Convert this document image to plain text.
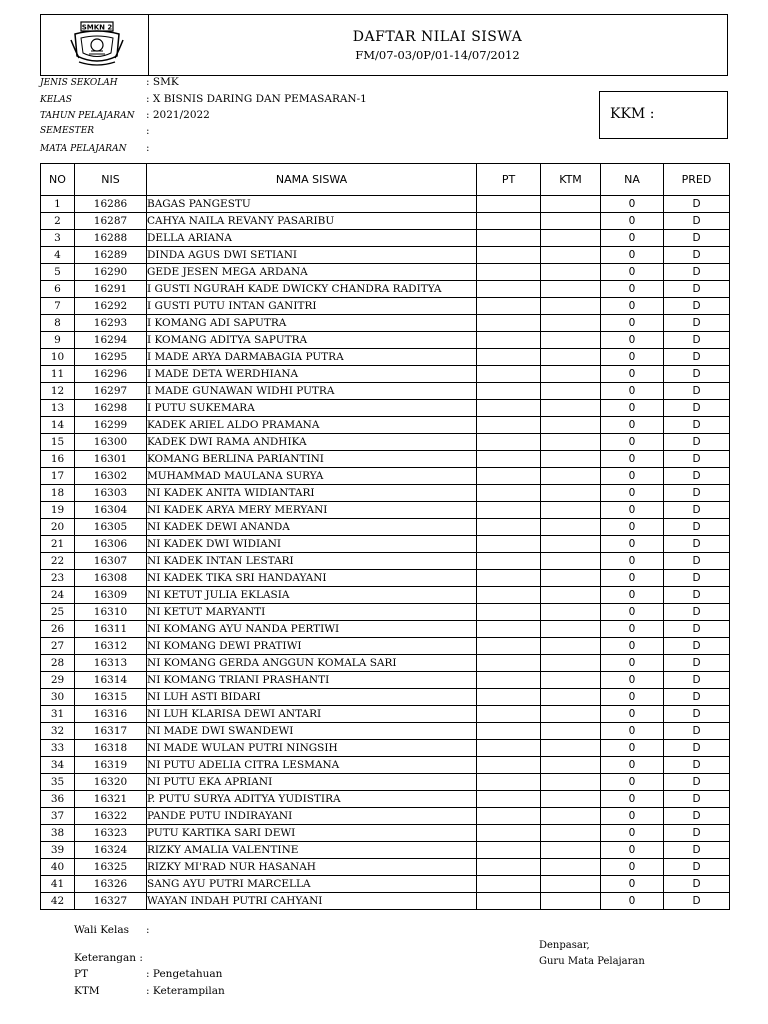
SMKN 2
DAFTAR NILAI SISWA
FM/07-03/0P/01-14/07/2012
JENIS SEKOLAH	: SMK
KELAS	: X BISNIS DARING DAN PEMASARAN-1
TAHUN PELAJARAN : 2021/2022
SEMESTER	:
MATA PELAJARAN :
KKM :
NO	NIS	NAMA SISWA	PT	KTM	NA	PRED
1	16286	BAGAS PANGESTU			0	D
2	16287	CAHYA NAILA REVANY PASARIBU			0	D
3	16288	DELLA ARIANA			0	D
4	16289	DINDA AGUS DWI SETIANI			0	D
5	16290	GEDE JESEN MEGA ARDANA			0	D
6	16291	I GUSTI NGURAH KADE DWICKY CHANDRA RADITYA			0	D
7	16292	I GUSTI PUTU INTAN GANITRI			0	D
8	16293	I KOMANG ADI SAPUTRA			0	D
9	16294	I KOMANG ADITYA SAPUTRA			0	D
10	16295	I MADE ARYA DARMABAGIA PUTRA			0	D
11	16296	I MADE DETA WERDHIANA			0	D
12	16297	I MADE GUNAWAN WIDHI PUTRA			0	D
13	16298	I PUTU SUKEMARA			0	D
14	16299	KADEK ARIEL ALDO PRAMANA			0	D
15	16300	KADEK DWI RAMA ANDHIKA			0	D
16	16301	KOMANG BERLINA PARIANTINI			0	D
17	16302	MUHAMMAD MAULANA SURYA			0	D
18	16303	NI KADEK ANITA WIDIANTARI			0	D
19	16304	NI KADEK ARYA MERY MERYANI			0	D
20	16305	NI KADEK DEWI ANANDA			0	D
21	16306	NI KADEK DWI WIDIANI			0	D
22	16307	NI KADEK INTAN LESTARI			0	D
23	16308	NI KADEK TIKA SRI HANDAYANI			0	D
24	16309	NI KETUT JULIA EKLASIA			0	D
25	16310	NI KETUT MARYANTI			0	D
26	16311	NI KOMANG AYU NANDA PERTIWI			0	D
27	16312	NI KOMANG DEWI PRATIWI			0	D
28	16313	NI KOMANG GERDA ANGGUN KOMALA SARI			0	D
29	16314	NI KOMANG TRIANI PRASHANTI			0	D
30	16315	NI LUH ASTI BIDARI			0	D
31	16316	NI LUH KLARISA DEWI ANTARI			0	D
32	16317	NI MADE DWI SWANDEWI			0	D
33	16318	NI MADE WULAN PUTRI NINGSIH			0	D
34	16319	NI PUTU ADELIA CITRA LESMANA			0	D
35	16320	NI PUTU EKA APRIANI			0	D
36	16321	P. PUTU SURYA ADITYA YUDISTIRA			0	D
37	16322	PANDE PUTU INDIRAYANI			0	D
38	16323	PUTU KARTIKA SARI DEWI			0	D
39	16324	RIZKY AMALIA VALENTINE			0	D
40	16325	RIZKY MI'RAD NUR HASANAH			0	D
41	16326	SANG AYU PUTRI MARCELLA			0	D
42	16327	WAYAN INDAH PUTRI CAHYANI			0	D
Wali Kelas :
Denpasar,
Guru Mata Pelajaran
Keterangan :
PT	: Pengetahuan
KTM	: Keterampilan
